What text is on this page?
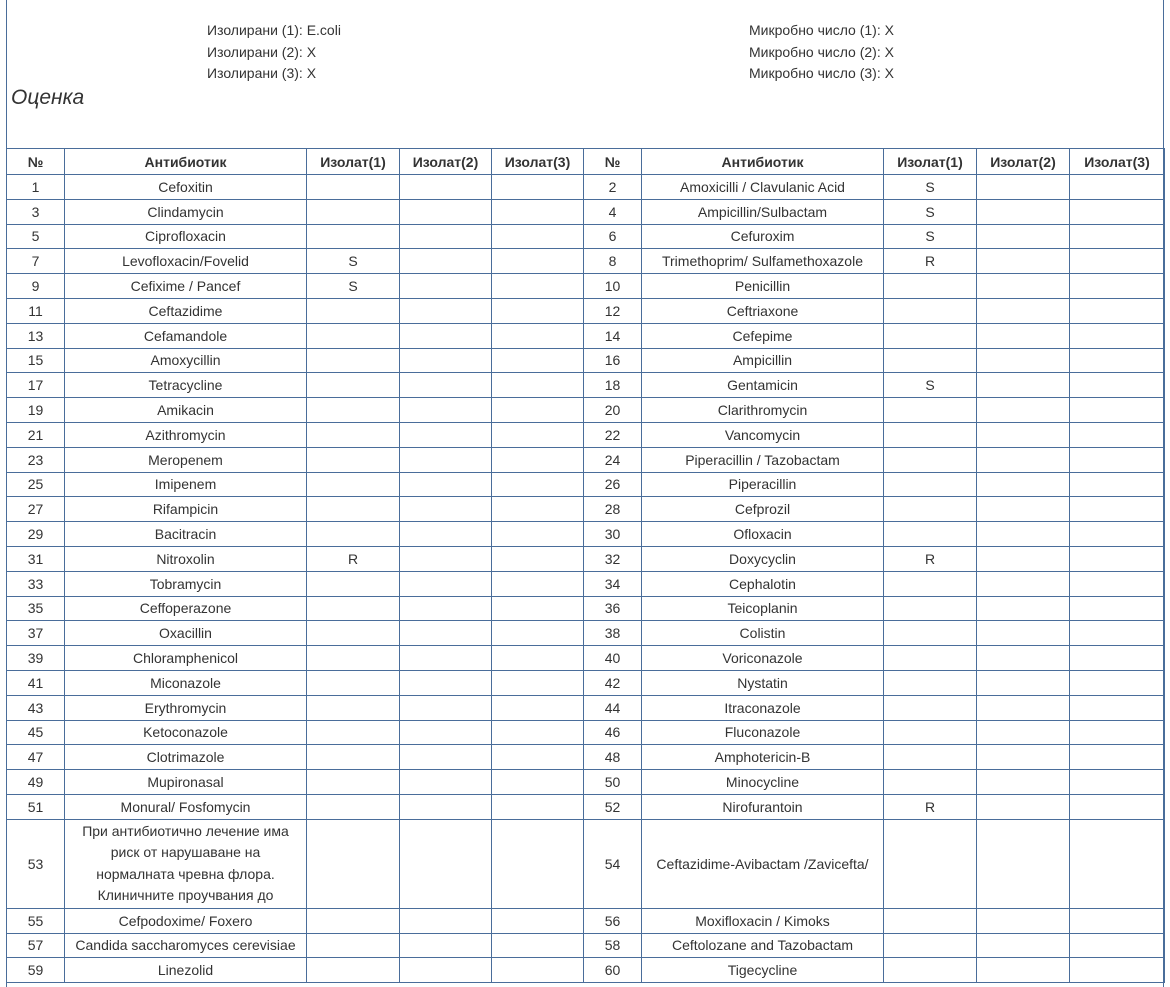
Изолирани (1): E.coli
Изолирани (2): X
Изолирани (3): X
Микробно число (1): X
Микробно число (2): X
Микробно число (3): X
Оценка
№	Антибиотик	Изолат(1)	Изолат(2)	Изолат(3)	№	Антибиотик	Изолат(1)	Изолат(2)	Изолат(3)
1	Cefoxitin				2	Amoxicilli / Clavulanic Acid	S		
3	Clindamycin				4	Ampicillin/Sulbactam	S		
5	Ciprofloxacin				6	Cefuroxim	S		
7	Levofloxacin/Fovelid	S			8	Trimethoprim/ Sulfamethoxazole	R		
9	Cefixime / Pancef	S			10	Penicillin			
11	Ceftazidime				12	Ceftriaxone			
13	Cefamandole				14	Cefepime			
15	Amoxycillin				16	Ampicillin			
17	Tetracycline				18	Gentamicin	S		
19	Amikacin				20	Clarithromycin			
21	Azithromycin				22	Vancomycin			
23	Meropenem				24	Piperacillin / Tazobactam			
25	Imipenem				26	Piperacillin			
27	Rifampicin				28	Cefprozil			
29	Bacitracin				30	Ofloxacin			
31	Nitroxolin	R			32	Doxycyclin	R		
33	Tobramycin				34	Cephalotin			
35	Ceffoperazone				36	Teicoplanin			
37	Oxacillin				38	Colistin			
39	Chloramphenicol				40	Voriconazole			
41	Miconazole				42	Nystatin			
43	Erythromycin				44	Itraconazole			
45	Ketoconazole				46	Fluconazole			
47	Clotrimazole				48	Amphotericin-B			
49	Mupironasal				50	Minocycline			
51	Monural/ Fosfomycin				52	Nirofurantoin	R		
53	При антибиотично лечение има риск от нарушаване на нормалната чревна флора. Клиничните проучвания до				54	Ceftazidime-Avibactam /Zavicefta/			
55	Cefpodoxime/ Foxero				56	Moxifloxacin / Kimoks			
57	Candida saccharomyces cerevisiae				58	Ceftolozane and Tazobactam			
59	Linezolid				60	Tigecycline			
